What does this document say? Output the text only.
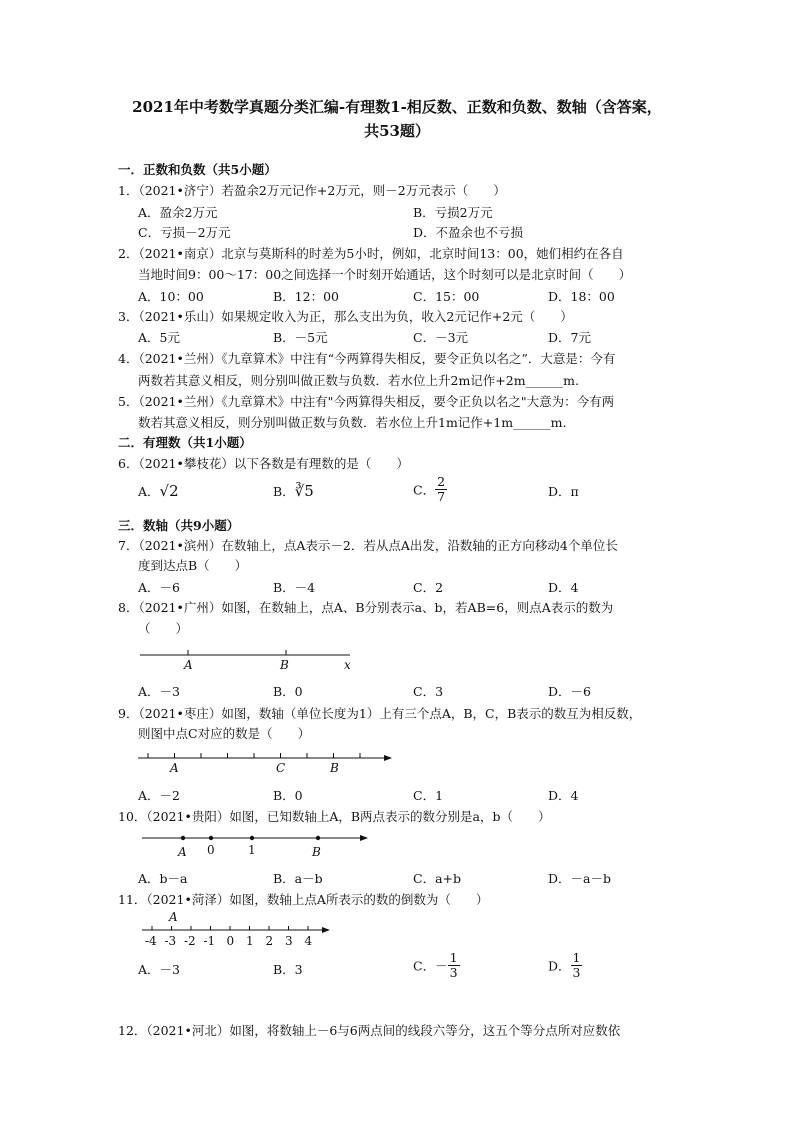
2021年中考数学真题分类汇编-有理数1-相反数、正数和负数、数轴（含答案，
共53题）
一．正数和负数（共5小题）
1．（2021•济宁）若盈余2万元记作+2万元，则－2万元表示（　　）
A．盈余2万元	B．亏损2万元
C．亏损－2万元	D．不盈余也不亏损
2．（2021•南京）北京与莫斯科的时差为5小时，例如，北京时间13：00，她们相约在各自
当地时间9：00～17：00之间选择一个时刻开始通话，这个时刻可以是北京时间（　　）
A．10：00	B．12：00	C．15：00	D．18：00
3．（2021•乐山）如果规定收入为正，那么支出为负，收入2元记作+2元（　　）
A．5元	B．－5元	C．－3元	D．7元
4．（2021•兰州）《九章算术》中注有“今两算得失相反，要令正负以名之”．大意是：今有
两数若其意义相反，则分别叫做正数与负数．若水位上升2m记作+2m______m.
5．（2021•兰州）《九章算术》中注有"今两算得失相反，要令正负以名之"大意为：今有两
数若其意义相反，则分别叫做正数与负数．若水位上升1m记作+1m______m.
二．有理数（共1小题）
6．（2021•攀枝花）以下各数是有理数的是（　　）
A．√2	B．∛5	C． $\frac{2}{7}$	D．π
三．数轴（共9小题）
7．（2021•滨州）在数轴上，点A表示－2．若从点A出发，沿数轴的正方向移动4个单位长
度到达点B（　　）
A．－6	B．－4	C．2	D．4
8．（2021•广州）如图，在数轴上，点A、B分别表示a、b，若AB=6，则点A表示的数为
（　　）
A	B	x
A．－3	B．0	C．3	D．－6
9．（2021•枣庄）如图，数轴（单位长度为1）上有三个点A，B，C，B表示的数互为相反数，
则图中点C对应的数是（　　）
A	C	B
A．－2	B．0	C．1	D．4
10．（2021•贵阳）如图，已知数轴上A，B两点表示的数分别是a，b（　　）
A 0	1	B
A．b－a	B．a－b	C．a+b	D．－a－b
11．（2021•菏泽）如图，数轴上点A所表示的数的倒数为（　　）
A
-4 -3 -2 -1 0 1 2 3 4
A．－3	B．3	C．－ $\frac{1}{3}$	D． $\frac{1}{3}$
12．（2021•河北）如图，将数轴上－6与6两点间的线段六等分，这五个等分点所对应数依
